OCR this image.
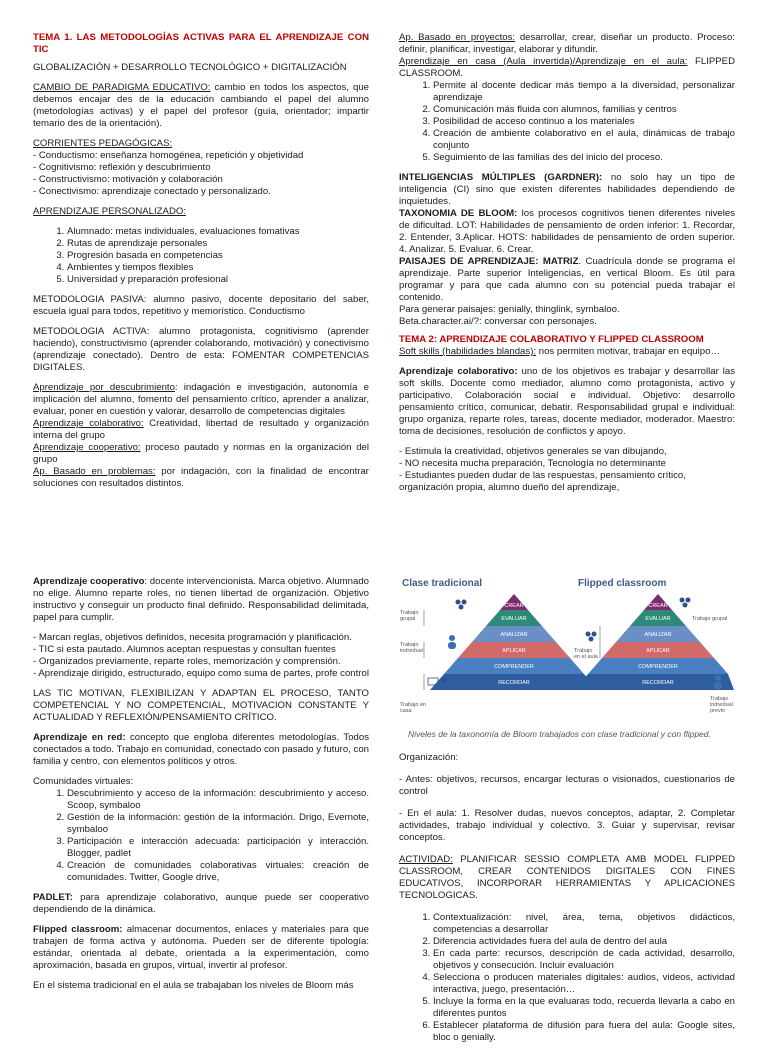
TEMA 1. LAS METODOLOGÍAS ACTIVAS PARA EL APRENDIZAJE CON TIC

GLOBALIZACIÓN + DESARROLLO TECNOLÓGICO + DIGITALIZACIÓN

CAMBIO DE PARADIGMA EDUCATIVO: cambio en todos los aspectos, que debemos encajar des de la educación cambiando el papel del alumno (metodologías activas) y el papel del profesor (guía, orientador; impartir temario des de la orientación).

CORRIENTES PEDAGÓGICAS:

- Conductismo: enseñanza homogénea, repetición y objetividad
- Cognitivismo: reflexión y descubrimiento
- Constructivismo: motivación y colaboración
- Conectivismo: aprendizaje conectado y personalizado.

APRENDIZAJE PERSONALIZADO:

1. Alumnado: metas individuales, evaluaciones fomativas
2. Rutas de aprendizaje personales
3. Progresión basada en competencias
4. Ambientes y tiempos flexibles
5. Universidad y preparación profesional

METODOLOGIA PASIVA: alumno pasivo, docente depositario del saber, escuela igual para todos, repetitivo y memorístico. Conductismo

METODOLOGIA ACTIVA: alumno protagonista, cognitivismo (aprender haciendo), constructivismo (aprender colaborando, motivación) y conectivismo (aprendizaje conectado). Dentro de esta: FOMENTAR COMPETENCIAS DIGITALES.

Aprendizaje por descubrimiento: indagación e investigación, autonomía e implicación del alumno, fomento del pensamiento crítico, aprender a analizar, evaluar, poner en cuestión y valorar, desarrollo de competencias digitales

Aprendizaje colaborativo: Creatividad, libertad de resultado y organización interna del grupo

Aprendizaje cooperativo: proceso pautado y normas en la organización del grupo

Ap. Basado en problemas: por indagación, con la finalidad de encontrar soluciones con resultados distintos.

Ap. Basado en proyectos: desarrollar, crear, diseñar un producto. Proceso: definir, planificar, investigar, elaborar y difundir.

Aprendizaje en casa (Aula invertida)/Aprendizaje en el aula: FLIPPED CLASSROOM.

1. Permite al docente dedicar más tiempo a la diversidad, personalizar aprendizaje
2. Comunicación más fluida con alumnos, familias y centros
3. Posibilidad de acceso continuo a los materiales
4. Creación de ambiente colaborativo en el aula, dinámicas de trabajo conjunto
5. Seguimiento de las familias des del inicio del proceso.

INTELIGENCIAS MÚLTIPLES (GARDNER): no solo hay un tipo de inteligencia (CI) sino que existen diferentes habilidades dependiendo de inquietudes.

TAXONOMIA DE BLOOM: los procesos cognitivos tienen diferentes niveles de dificultad. LOT: Habilidades de pensamiento de orden inferior: 1. Recordar, 2. Entender, 3.Aplicar. HOTS: habilidades de pensamiento de orden superior. 4. Analizar. 5. Evaluar. 6. Crear.

PAISAJES DE APRENDIZAJE: MATRIZ. Cuadrícula donde se programa el aprendizaje. Parte superior Inteligencias, en vertical Bloom. Es útil para programar y para que cada alumno con su potencial pueda trabajar el contenido.

Para generar paisajes: genially, thinglink, symbaloo.
Beta.character.ai/?: conversar con personajes.

TEMA 2: APRENDIZAJE COLABORATIVO Y FLIPPED CLASSROOM

Soft skills (habilidades blandas): nos permiten motivar, trabajar en equipo…

Aprendizaje colaborativo: uno de los objetivos es trabajar y desarrollar las soft skills. Docente como mediador, alumno como protagonista, activo y participativo. Colaboración social e individual. Objetivo: desarrollo pensamiento crítico, comunicar, debatir. Responsabilidad grupal e individual: grupo organiza, reparte roles, tareas, docente mediador, moderador. Maestro: toma de decisiones, resolución de conflictos y apoyo.

- Estimula la creatividad, objetivos generales se van dibujando,
- NO necesita mucha preparación, Tecnología no determinante
- Estudiantes pueden dudar de las respuestas, pensamiento crítico, organización propia, alumno dueño del aprendizaje,

Aprendizaje cooperativo: docente intervencionista. Marca objetivo. Alumnado no elige. Alumno reparte roles, no tienen libertad de organización. Objetivo instructivo y conseguir un producto final definido. Responsabilidad delimitada, papel para cumplir.

- Marcan reglas, objetivos definidos, necesita programación y planificación.
- TIC si esta pautado. Alumnos aceptan respuestas y consultan fuentes
- Organizados previamente, reparte roles, memorización y comprensión.
- Aprendizaje dirigido, estructurado, equipo como suma de partes, profe control

LAS TIC MOTIVAN, FLEXIBILIZAN Y ADAPTAN EL PROCESO, TANTO COMPETENCIAL Y NO COMPETENCIAL, MOTIVACION CONSTANTE Y ACTUALIDAD Y REFLEXIÓN/PENSAMIENTO CRÍTICO.

Aprendizaje en red: concepto que engloba diferentes metodologías. Todos conectados a todo. Trabajo en comunidad, conectado con pasado y futuro, con familia y centro, con elementos políticos y otros.

Comunidades virtuales:
1. Descubrimiento y acceso de la información: descubrimiento y acceso. Scoop, symbaloo
2. Gestión de la información: gestión de la información. Drigo, Evernote, symbaloo
3. Participación e interacción adecuada: participación y interacción. Blogger, padlet
4. Creación de comunidades colaborativas virtuales: creación de comunidades. Twitter, Google drive,

PADLET: para aprendizaje colaborativo, aunque puede ser cooperativo dependiendo de la dinámica.

Flipped classroom: almacenar documentos, enlaces y materiales para que trabajen de forma activa y autónoma. Pueden ser de diferente tipología: estándar, orientada al debate, orientada a la experimentación, como aproximación, basada en grupos, virtual, invertir al profesor.

En el sistema tradicional en el aula se trabajaban los niveles de Bloom más

Clase tradicional	Flipped classroom
EVALUAR
ANALIZAR
APLICAR
COMPRENDER
RECORDAR
CREAR
EVALUAR
ANALIZAR
APLICAR
COMPRENDER
RECORDAR
CREAR
Trabajo grupal
Trabajo individual
Trabajo en casa
Trabajo grupal
Trabajo en el aula
Trabajo individual previo
Niveles de la taxonomía de Bloom trabajados con clase tradicional y con flipped.

Organización:

- Antes: objetivos, recursos, encargar lecturas o visionados, cuestionarios de control

- En el aula: 1. Resolver dudas, nuevos conceptos, adaptar, 2. Completar actividades, trabajo individual y colectivo. 3. Guiar y supervisar, revisar conceptos.

ACTIVIDAD: PLANIFICAR SESSIO COMPLETA AMB MODEL FLIPPED CLASSROOM, CREAR CONTENIDOS DIGITALES CON FINES EDUCATIVOS, INCORPORAR HERRAMIENTAS Y APLICACIONES TECNOLOGICAS.

1. Contextualización: nivel, área, tema, objetivos didácticos, competencias a desarrollar
2. Diferencia actividades fuera del aula de dentro del aula
3. En cada parte: recursos, descripción de cada actividad, desarrollo, objetivos y consecución. Incluir evaluación
4. Selecciona o producen materiales digitales: audios, videos, actividad interactiva, juego, presentación…
5. Incluye la forma en la que evaluaras todo, recuerda llevarla a cabo en diferentes puntos
6. Establecer plataforma de difusión para fuera del aula: Google sites, bloc o genially.
